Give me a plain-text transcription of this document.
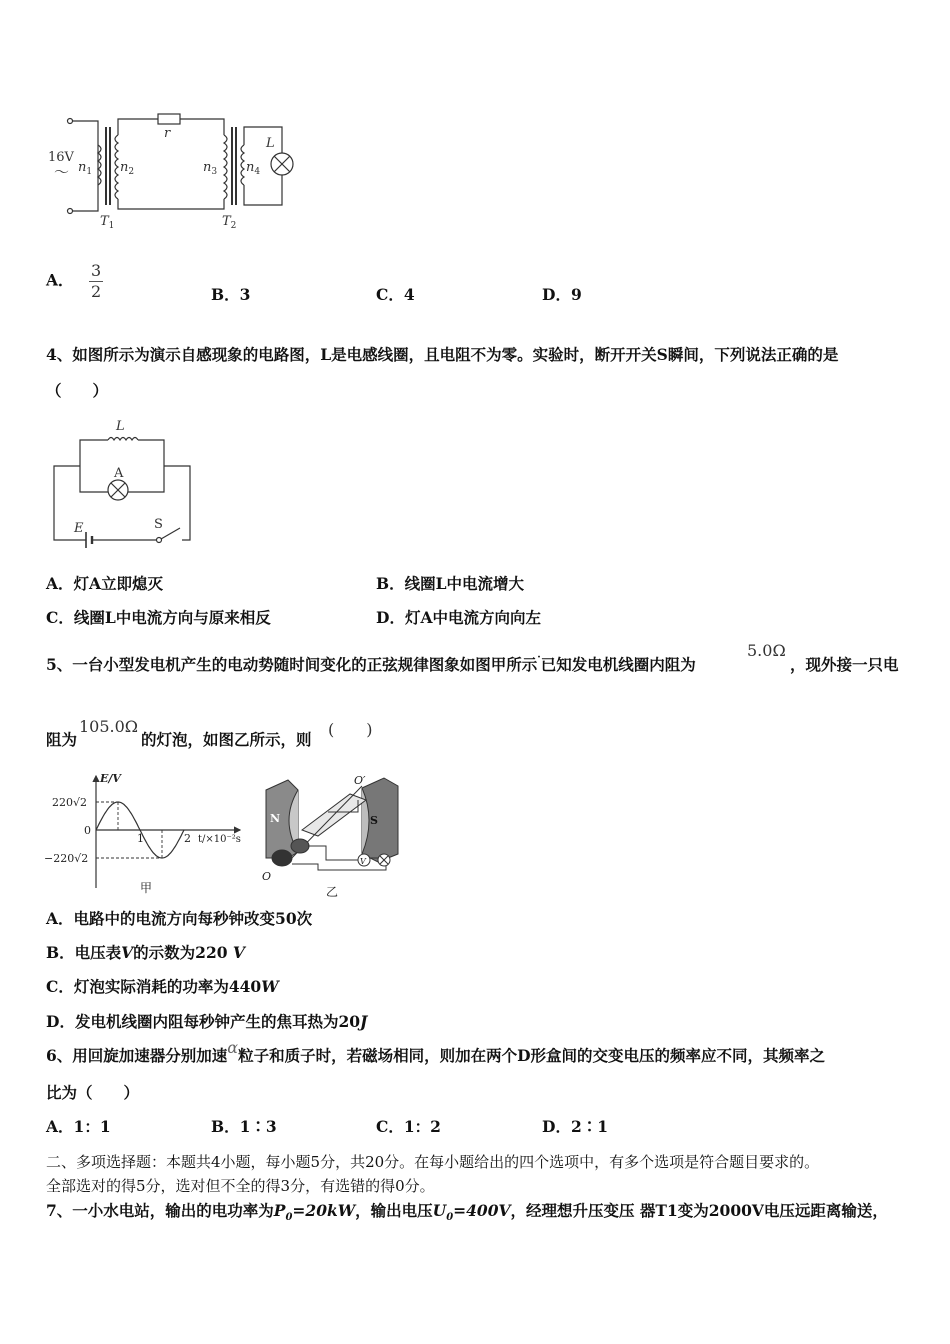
16V
～ $n_1$ $n_2$
r
$n_3$ $n_4$
L
$T_1$	$T_2$
A． $\frac{3}{2}$	B．3	C．4	D．9
4、如图所示为演示自感现象的电路图，L是电感线圈，且电阻不为零。实验时，断开开关S瞬间，下列说法正确的是
（　　）
L
A
E	S
A．灯A立即熄灭	B．线圈L中电流增大
C．线圈L中电流方向与原来相反	D．灯A中电流方向向左
5、一台小型发电机产生的电动势随时间变化的正弦规律图象如图甲所示·已知发电机线圈内阻为
5.0Ω
，现外接一只电
阻为
105.0Ω
的灯泡，如图乙所示，则
(　　)
E/V
220√2
0
−220√2
1	2 t/×10⁻²s
甲
N	S
O
O′
V
乙
A．电路中的电流方向每秒钟改变50次
B．电压表V的示数为220 V
C．灯泡实际消耗的功率为440W
D．发电机线圈内阻每秒钟产生的焦耳热为20J
6、用回旋加速器分别加速α粒子和质子时，若磁场相同，则加在两个D形盒间的交变电压的频率应不同，其频率之
比为（　　）
A．1：1	B．1∶3	C．1：2	D．2∶1
二、多项选择题：本题共4小题，每小题5分，共20分。在每小题给出的四个选项中，有多个选项是符合题目要求的。
全部选对的得5分，选对但不全的得3分，有选错的得0分。
7、一小水电站，输出的电功率为$P_0=20kW$，输出电压$U_0=400V$，经理想升压变压 器T1变为2000V电压远距离输送，
